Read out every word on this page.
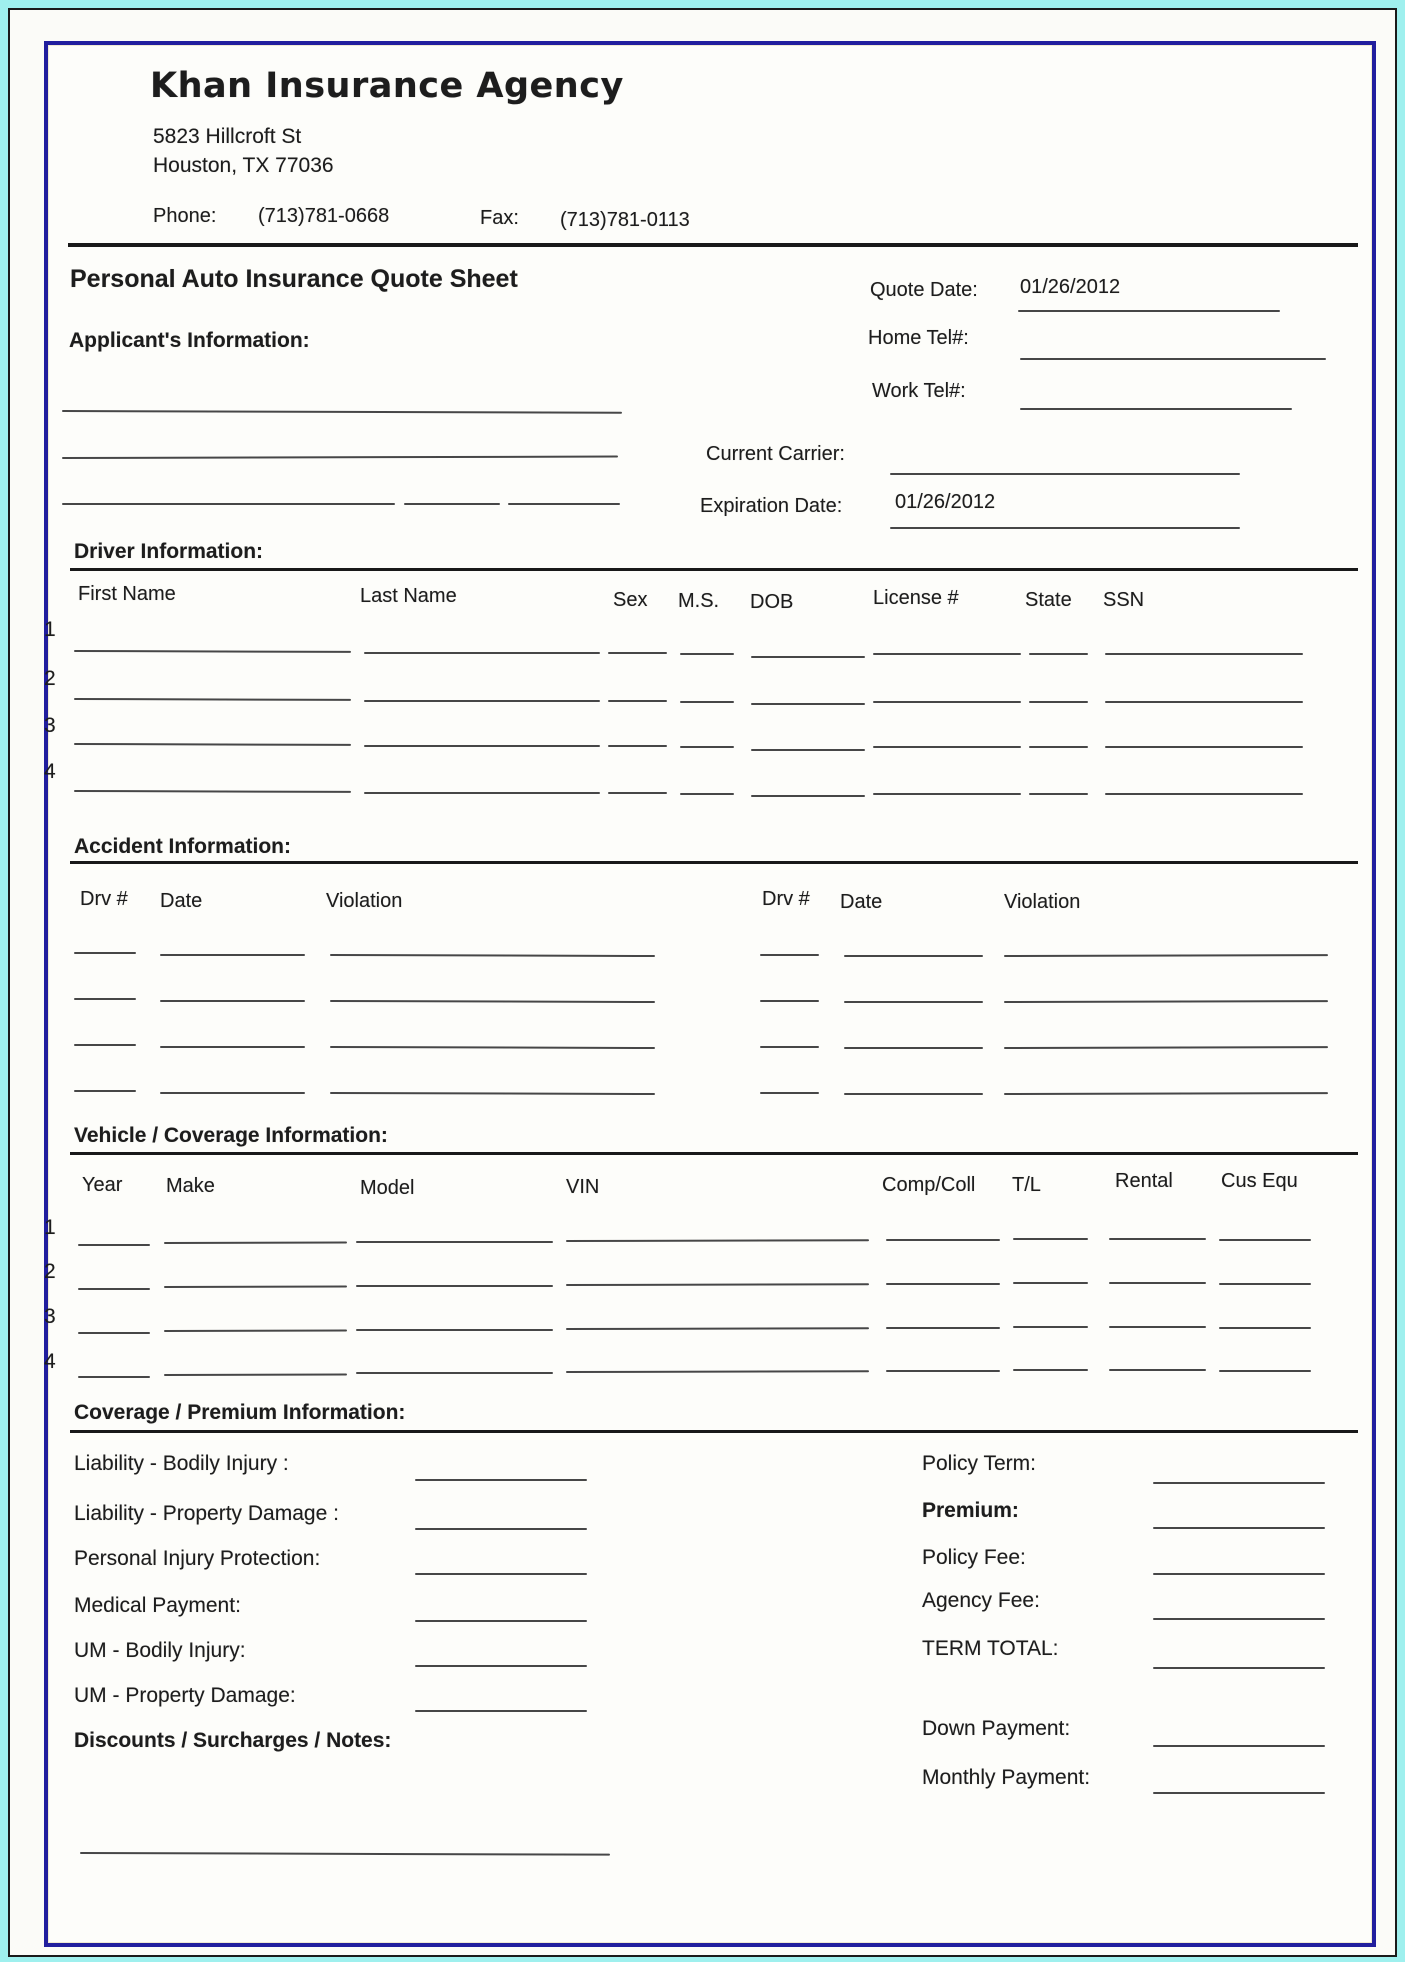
Khan Insurance Agency
5823 Hillcroft St
Houston, TX 77036
Phone: (713)781-0668	Fax: (713)781-0113
Personal Auto Insurance Quote Sheet	Quote Date: 01/26/2012
Home Tel#:
Work Tel#:
Applicant's Information:
Current Carrier:
Expiration Date:	01/26/2012
Driver Information:
First Name	Last Name	Sex M.S. DOB	License #	State SSN
1
2
3
4
Accident Information:
Drv # Date	Violation	Drv # Date	Violation
Vehicle / Coverage Information:
Year Make	Model	VIN	Comp/Coll T/L	Rental Cus Equ
1
2
3
4
Coverage / Premium Information:
Liability - Bodily Injury :
Liability - Property Damage :
Personal Injury Protection:
Medical Payment:
UM - Bodily Injury:
UM - Property Damage:
Discounts / Surcharges / Notes:
Policy Term:
Premium:
Policy Fee:
Agency Fee:
TERM TOTAL:
Down Payment:
Monthly Payment:
